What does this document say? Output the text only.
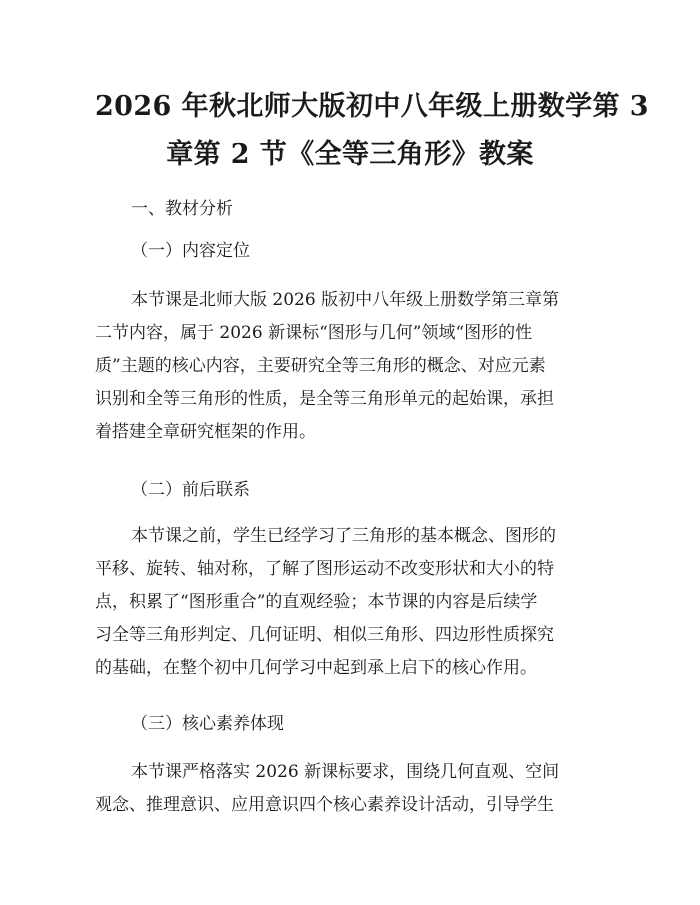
2026 年秋北师大版初中八年级上册数学第 3
章第 2 节《全等三角形》教案
一、教材分析
（一）内容定位
本节课是北师大版 2026 版初中八年级上册数学第三章第
二节内容，属于 2026 新课标“图形与几何”领域“图形的性
质”主题的核心内容，主要研究全等三角形的概念、对应元素
识别和全等三角形的性质，是全等三角形单元的起始课，承担
着搭建全章研究框架的作用。
（二）前后联系
本节课之前，学生已经学习了三角形的基本概念、图形的
平移、旋转、轴对称，了解了图形运动不改变形状和大小的特
点，积累了“图形重合”的直观经验；本节课的内容是后续学
习全等三角形判定、几何证明、相似三角形、四边形性质探究
的基础，在整个初中几何学习中起到承上启下的核心作用。
（三）核心素养体现
本节课严格落实 2026 新课标要求，围绕几何直观、空间
观念、推理意识、应用意识四个核心素养设计活动，引导学生
